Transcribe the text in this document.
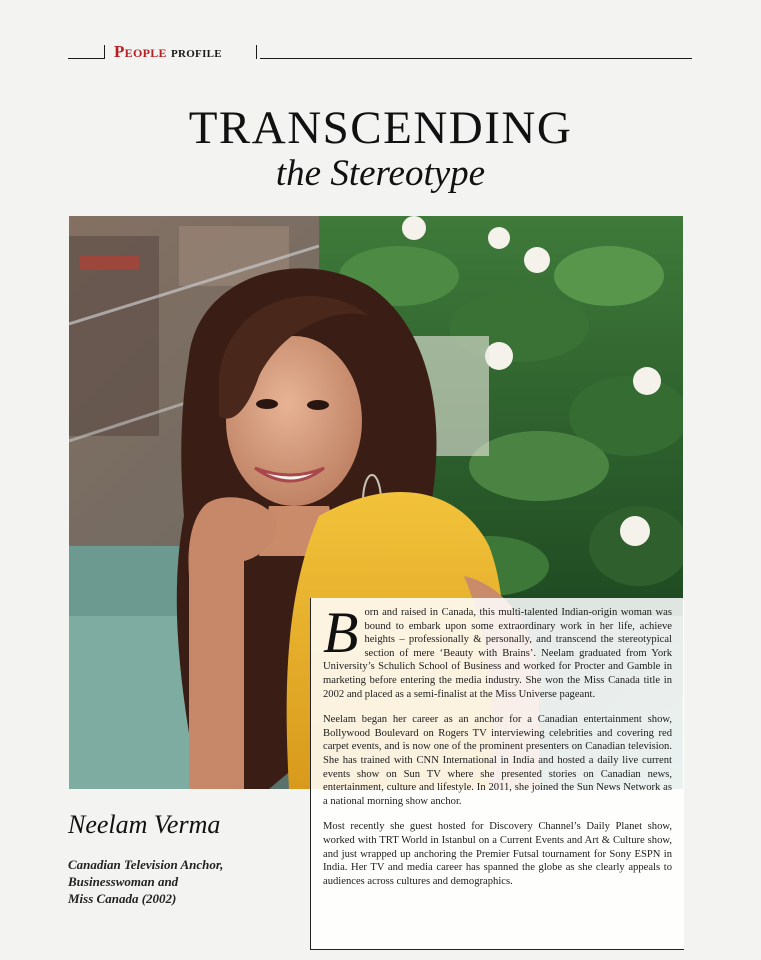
People profile
TRANSCENDING
the Stereotype

Born and raised in Canada, this multi-talented Indian-origin woman was bound to embark upon some extraordinary work in her life, achieve heights – professionally & personally, and transcend the stereotypical section of mere ‘Beauty with Brains’. Neelam graduated from York University’s Schulich School of Business and worked for Procter and Gamble in marketing before entering the media industry. She won the Miss Canada title in 2002 and placed as a semi-finalist at the Miss Universe pageant.

Neelam began her career as an anchor for a Canadian entertainment show, Bollywood Boulevard on Rogers TV interviewing celebrities and covering red carpet events, and is now one of the prominent presenters on Canadian television. She has trained with CNN International in India and hosted a daily live current events show on Sun TV where she presented stories on Canadian news, entertainment, culture and lifestyle. In 2011, she joined the Sun News Network as a national morning show anchor.

Most recently she guest hosted for Discovery Channel’s Daily Planet show, worked with TRT World in Istanbul on a Current Events and Art & Culture show, and just wrapped up anchoring the Premier Futsal tournament for Sony ESPN in India. Her TV and media career has spanned the globe as she clearly appeals to audiences across cultures and demographics.

Neelam Verma
Canadian Television Anchor,
Businesswoman and
Miss Canada (2002)
